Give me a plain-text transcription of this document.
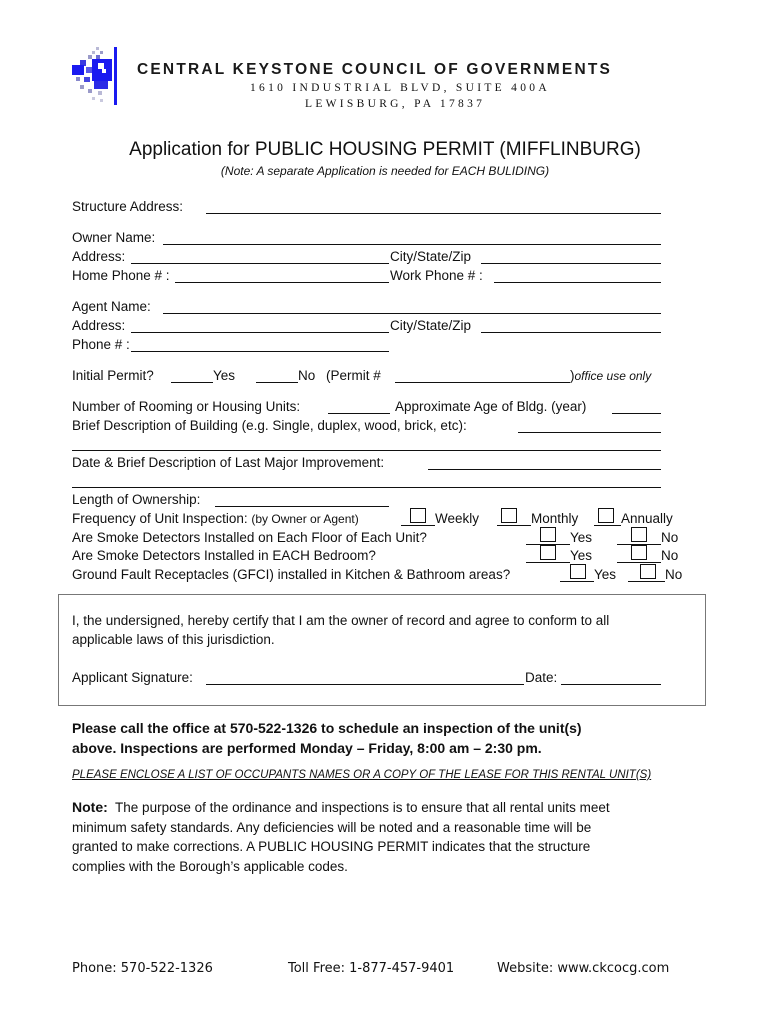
CENTRAL KEYSTONE COUNCIL OF GOVERNMENTS
1610 INDUSTRIAL BLVD, SUITE 400A
LEWISBURG, PA 17837
Application for PUBLIC HOUSING PERMIT (MIFFLINBURG)
(Note: A separate Application is needed for EACH BULIDING)
Structure Address:
Owner Name:
Address:	City/State/Zip
Home Phone # :	Work Phone # :
Agent Name:
Address:	City/State/Zip
Phone # :
Initial Permit?	Yes	No (Permit #	)office use only
Number of Rooming or Housing Units:	Approximate Age of Bldg. (year)
Brief Description of Building (e.g. Single, duplex, wood, brick, etc):
Date & Brief Description of Last Major Improvement:
Length of Ownership:
Frequency of Unit Inspection: (by Owner or Agent)	Weekly	Monthly	Annually
Are Smoke Detectors Installed on Each Floor of Each Unit?	Yes	No
Are Smoke Detectors Installed in EACH Bedroom?	Yes	No
Ground Fault Receptacles (GFCI) installed in Kitchen & Bathroom areas?	Yes	No
I, the undersigned, hereby certify that I am the owner of record and agree to conform to all
applicable laws of this jurisdiction.
Applicant Signature:	Date:
Please call the office at 570-522-1326 to schedule an inspection of the unit(s)
above. Inspections are performed Monday – Friday, 8:00 am – 2:30 pm.
PLEASE ENCLOSE A LIST OF OCCUPANTS NAMES OR A COPY OF THE LEASE FOR THIS RENTAL UNIT(S)
Note: The purpose of the ordinance and inspections is to ensure that all rental units meet
minimum safety standards. Any deficiencies will be noted and a reasonable time will be
granted to make corrections. A PUBLIC HOUSING PERMIT indicates that the structure
complies with the Borough’s applicable codes.
Phone: 570-522-1326	Toll Free: 1-877-457-9401	Website: www.ckcocg.com
